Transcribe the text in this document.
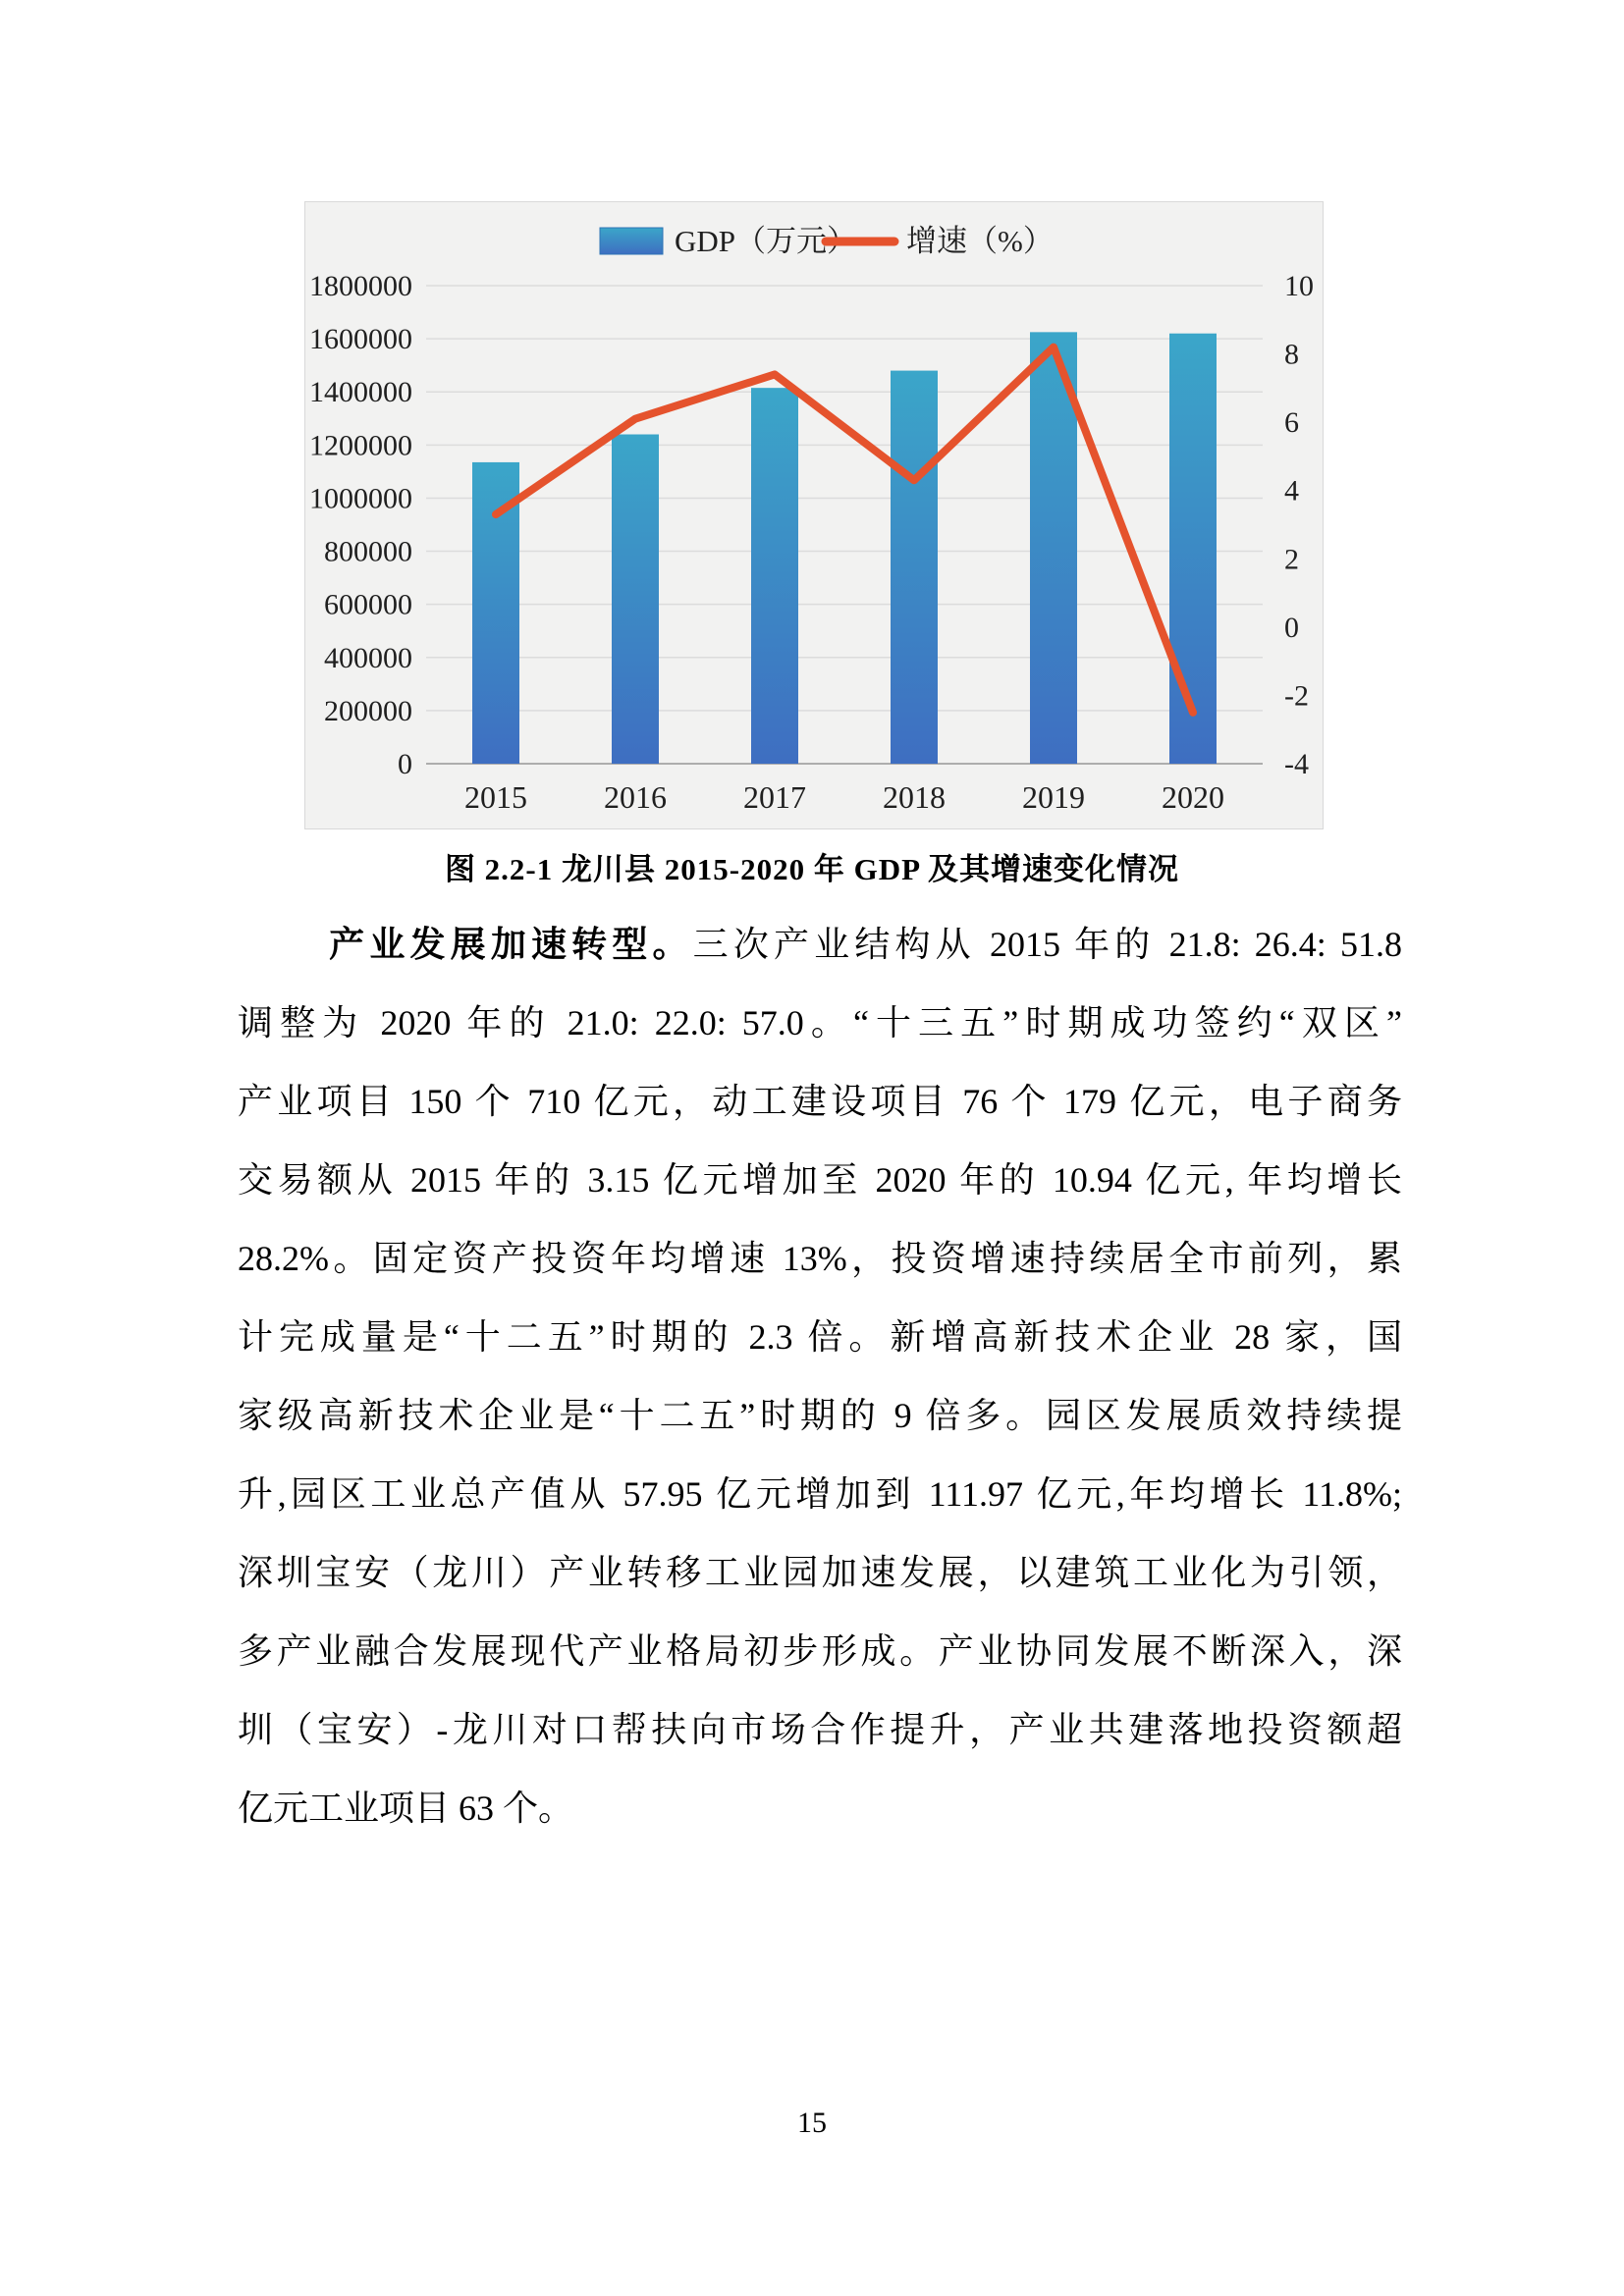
0
200000
400000
600000
800000
1000000
1200000
1400000
1600000
1800000	10
8
6
4
2
0
-2
-4
2015 2016 2017 2018 2019 2020
GDP（万元） 增速（%）
图 2.2-1 龙川县 2015-2020 年 GDP 及其增速变化情况
产业发展加速转型。三次产业结构从 2015 年的 21.8: 26.4: 51.8
调整为 2020 年的 21.0: 22.0: 57.0。“十三五”时期成功签约“双区”
产业项目 150 个 710 亿元，动工建设项目 76 个 179 亿元，电子商务
交易额从 2015 年的 3.15 亿元增加至 2020 年的 10.94 亿元, 年均增长
28.2%。固定资产投资年均增速 13%，投资增速持续居全市前列，累
计完成量是“十二五”时期的 2.3 倍。新增高新技术企业 28 家，国
家级高新技术企业是“十二五”时期的 9 倍多。园区发展质效持续提
升,园区工业总产值从 57.95 亿元增加到 111.97 亿元,年均增长 11.8%;
深圳宝安（龙川）产业转移工业园加速发展，以建筑工业化为引领，
多产业融合发展现代产业格局初步形成。产业协同发展不断深入，深
圳（宝安）-龙川对口帮扶向市场合作提升，产业共建落地投资额超
亿元工业项目 63 个。
15
